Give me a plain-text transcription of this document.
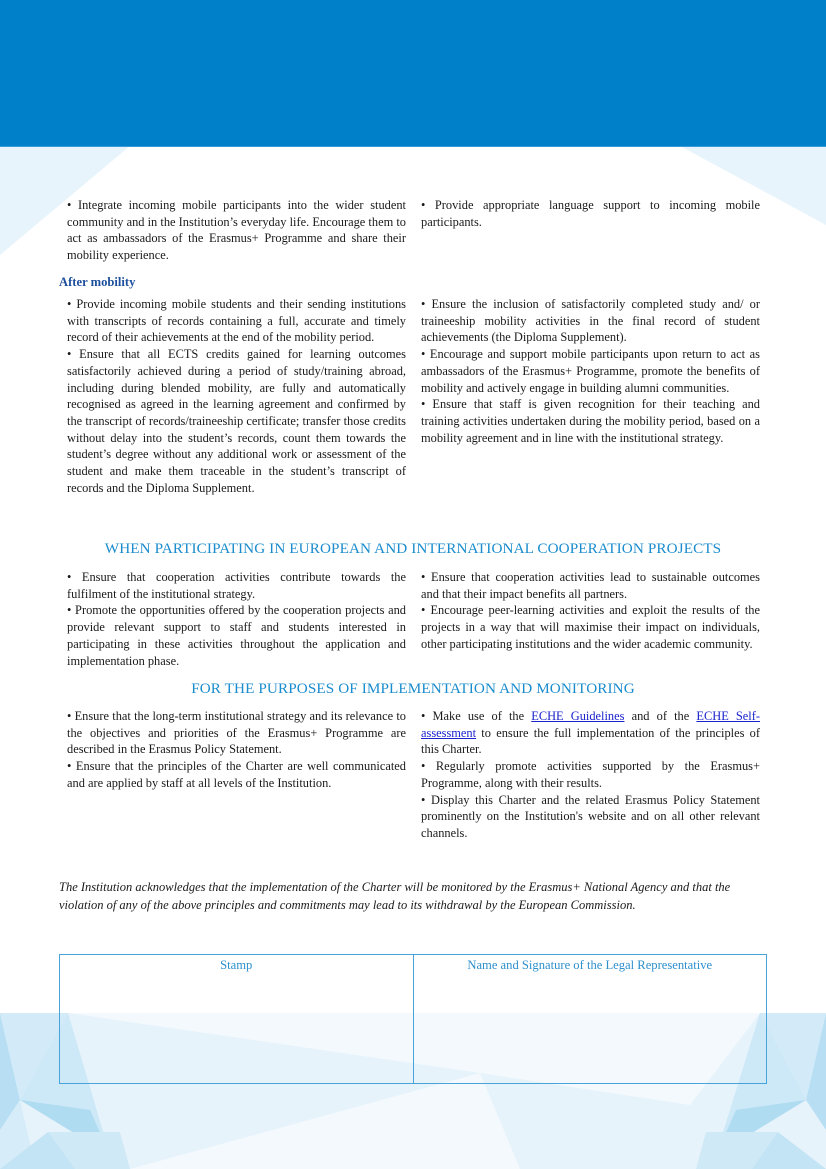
• Integrate incoming mobile participants into the wider student community and in the Institution’s everyday life. Encourage them to act as ambassadors of the Erasmus+ Programme and share their mobility experience.

• Provide appropriate language support to incoming mobile participants.

After mobility

• Provide incoming mobile students and their sending institutions with transcripts of records containing a full, accurate and timely record of their achievements at the end of the mobility period.

• Ensure that all ECTS credits gained for learning outcomes satisfactorily achieved during a period of study/training abroad, including during blended mobility, are fully and automatically recognised as agreed in the learning agreement and confirmed by the transcript of records/traineeship certificate; transfer those credits without delay into the student’s records, count them towards the student’s degree without any additional work or assessment of the student and make them traceable in the student’s transcript of records and the Diploma Supplement.

• Ensure the inclusion of satisfactorily completed study and/ or traineeship mobility activities in the final record of student achievements (the Diploma Supplement).

• Encourage and support mobile participants upon return to act as ambassadors of the Erasmus+ Programme, promote the benefits of mobility and actively engage in building alumni communities.

• Ensure that staff is given recognition for their teaching and training activities undertaken during the mobility period, based on a mobility agreement and in line with the institutional strategy.

WHEN PARTICIPATING IN EUROPEAN AND INTERNATIONAL COOPERATION PROJECTS

• Ensure that cooperation activities contribute towards the fulfilment of the institutional strategy.

• Promote the opportunities offered by the cooperation projects and provide relevant support to staff and students interested in participating in these activities throughout the application and implementation phase.

• Ensure that cooperation activities lead to sustainable outcomes and that their impact benefits all partners.

• Encourage peer-learning activities and exploit the results of the projects in a way that will maximise their impact on individuals, other participating institutions and the wider academic community.

FOR THE PURPOSES OF IMPLEMENTATION AND MONITORING

• Ensure that the long-term institutional strategy and its relevance to the objectives and priorities of the Erasmus+ Programme are described in the Erasmus Policy Statement.

• Ensure that the principles of the Charter are well communicated and are applied by staff at all levels of the Institution.

• Make use of the ECHE Guidelines and of the ECHE Self-assessment to ensure the full implementation of the principles of this Charter.

• Regularly promote activities supported by the Erasmus+ Programme, along with their results.

• Display this Charter and the related Erasmus Policy Statement prominently on the Institution's website and on all other relevant channels.

The Institution acknowledges that the implementation of the Charter will be monitored by the Erasmus+ National Agency and that the violation of any of the above principles and commitments may lead to its withdrawal by the European Commission.
Stamp	Name and Signature of the Legal Representative
